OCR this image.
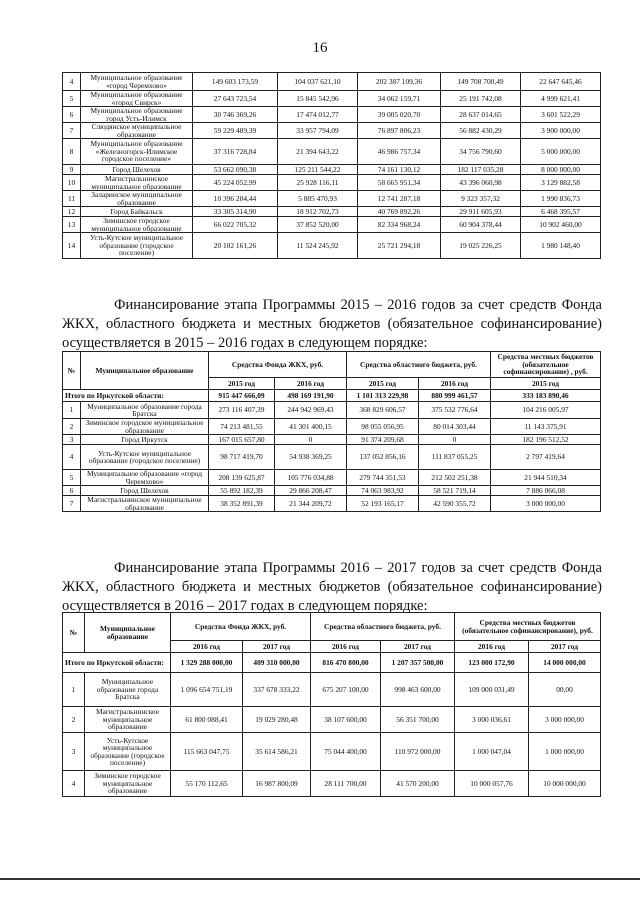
16
4	Муниципальное образование «город Черемхово»	149 603 173,59	104 037 621,10	202 387 109,36	149 708 700,49	22 647 645,46
5	Муниципальное образование «город Свирск»	27 643 723,54	15 845 542,96	34 062 159,71	25 191 742,08	4 999 621,41
6	Муниципальное образование город Усть-Илимск	30 746 369,26	17 474 012,77	39 005 020,70	28 637 014,65	3 601 522,29
7	Слюдянское муниципальное образование	59 229 489,39	33 957 794,09	76 897 806,23	56 882 430,29	3 900 000,00
8	Муниципальное образование «Железногорск-Илимское городское поселение»	37 316 728,84	21 394 643,22	46 986 757,34	34 756 790,60	5 000 000,00
9	Город Шелехов	53 662 090,38	125 211 544,22	74 161 130,12	182 117 035,28	8 000 000,00
10	Магистральнинское муниципальное образование	45 224 052,99	25 928 116,11	58 665 951,34	43 396 060,98	3 129 882,58
11	Заларинское муниципальное образование	10 396 204,44	5 885 470,93	12 741 287,18	9 323 357,32	1 990 836,73
12	Город Байкальск	33 305 314,90	18 912 702,73	40 769 892,26	29 911 605,93	6 468 395,57
13	Зиминское городское муниципальное образование	66 022 705,32	37 852 520,00	82 334 968,24	60 904 378,44	10 902 460,00
14	Усть-Кутское муниципальное образование (городское поселение)	20 102 161,26	11 524 245,92	25 721 294,18	19 025 226,25	1 980 148,40
Финансирование этапа Программы 2015 – 2016 годов за счет средств Фонда ЖКХ, областного бюджета и местных бюджетов (обязательное софинансирование) осуществляется в 2015 – 2016 годах в следующем порядке:
№	Муниципальное образование	Средства Фонда ЖКХ, руб.		Средства областного бюджета, руб.		Средства местных бюджетов (обязательное софинансирование) , руб.
		2015 год	2016 год	2015 год	2016 год	2015 год
Итого по Иркутской области:		915 447 666,09	498 169 191,90	1 101 313 229,98	880 999 461,57	333 183 890,46
1	Муниципальное образование города Братска	273 116 407,39	244 942 969,43	368 829 606,57	375 532 776,64	104 216 005,97
2	Зиминское городское муниципальное образование	74 213 481,55	41 301 400,15	98 055 056,95	80 014 303,44	11 143 375,91
3	Город Иркутск	167 015 657,80	0	91 374 209,68	0	182 196 512,52
4	Усть-Кутское муниципальное образование (городское поселение)	98 717 419,70	54 938 369,25	137 052 856,16	111 837 055,25	2 797 419,64
5	Муниципальное образование «город Черемхово»	208 139 625,87	105 776 034,88	279 744 351,53	212 502 251,38	21 944 510,34
6	Город Шелехов	55 892 182,39	29 866 208,47	74 063 983,92	58 521 719,14	7 886 066,08
7	Магистральнинское муниципальное образование	38 352 891,39	21 344 209,72	52 193 165,17	42 590 355,72	3 000 000,00
Финансирование этапа Программы 2016 – 2017 годов за счет средств Фонда ЖКХ, областного бюджета и местных бюджетов (обязательное софинансирование) осуществляется в 2016 – 2017 годах в следующем порядке:
№	Муниципальное образование	Средства Фонда ЖКХ, руб.		Средства областного бюджета, руб.		Средства местных бюджетов (обязательное софинансирование), руб.	
		2016 год	2017 год	2016 год	2017 год	2016 год	2017 год
Итого по Иркутской области:		1 329 288 000,00	409 310 000,00	816 470 800,00	1 207 357 500,00	123 000 172,90	14 000 000,00
1	Муниципальное образование города Братска	1 096 654 751,19	337 678 333,22	675 207 100,00	998 463 600,00	109 000 031,49	00,00
2	Магистральнинское муниципальное образование	61 800 088,41	19 029 280,48	38 107 600,00	56 351 700,00	3 000 036,61	3 000 000,00
3	Усть-Кутское муниципальное образование (городское поселение)	115 663 047,75	35 614 586,21	75 044 400,00	110 972 000,00	1 000 047,04	1 000 000,00
4	Зиминское городское муниципальное образование	55 170 112,65	16 987 800,09	28 111 700,00	41 570 200,00	10 000 057,76	10 000 000,00
